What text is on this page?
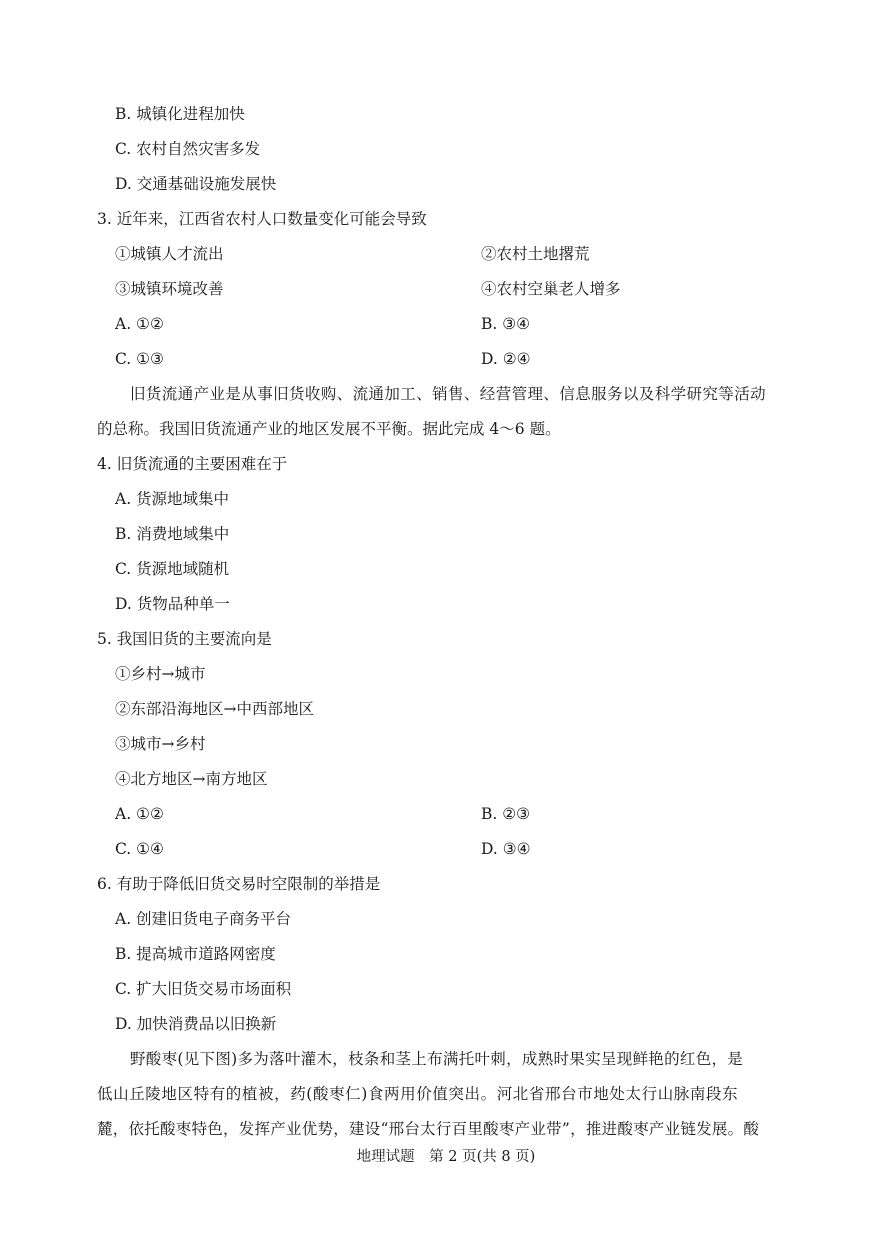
B. 城镇化进程加快
C. 农村自然灾害多发
D. 交通基础设施发展快
3. 近年来，江西省农村人口数量变化可能会导致
①城镇人才流出	②农村土地撂荒
③城镇环境改善	④农村空巢老人增多
A. ①②	B. ③④
C. ①③	D. ②④
旧货流通产业是从事旧货收购、流通加工、销售、经营管理、信息服务以及科学研究等活动
的总称。我国旧货流通产业的地区发展不平衡。据此完成 4～6 题。
4. 旧货流通的主要困难在于
A. 货源地域集中
B. 消费地域集中
C. 货源地域随机
D. 货物品种单一
5. 我国旧货的主要流向是
①乡村→城市
②东部沿海地区→中西部地区
③城市→乡村
④北方地区→南方地区
A. ①②	B. ②③
C. ①④	D. ③④
6. 有助于降低旧货交易时空限制的举措是
A. 创建旧货电子商务平台
B. 提高城市道路网密度
C. 扩大旧货交易市场面积
D. 加快消费品以旧换新
野酸枣(见下图)多为落叶灌木，枝条和茎上布满托叶刺，成熟时果实呈现鲜艳的红色，是
低山丘陵地区特有的植被，药(酸枣仁)食两用价值突出。河北省邢台市地处太行山脉南段东
麓，依托酸枣特色，发挥产业优势，建设“邢台太行百里酸枣产业带”，推进酸枣产业链发展。酸
地理试题　第 2 页(共 8 页)
